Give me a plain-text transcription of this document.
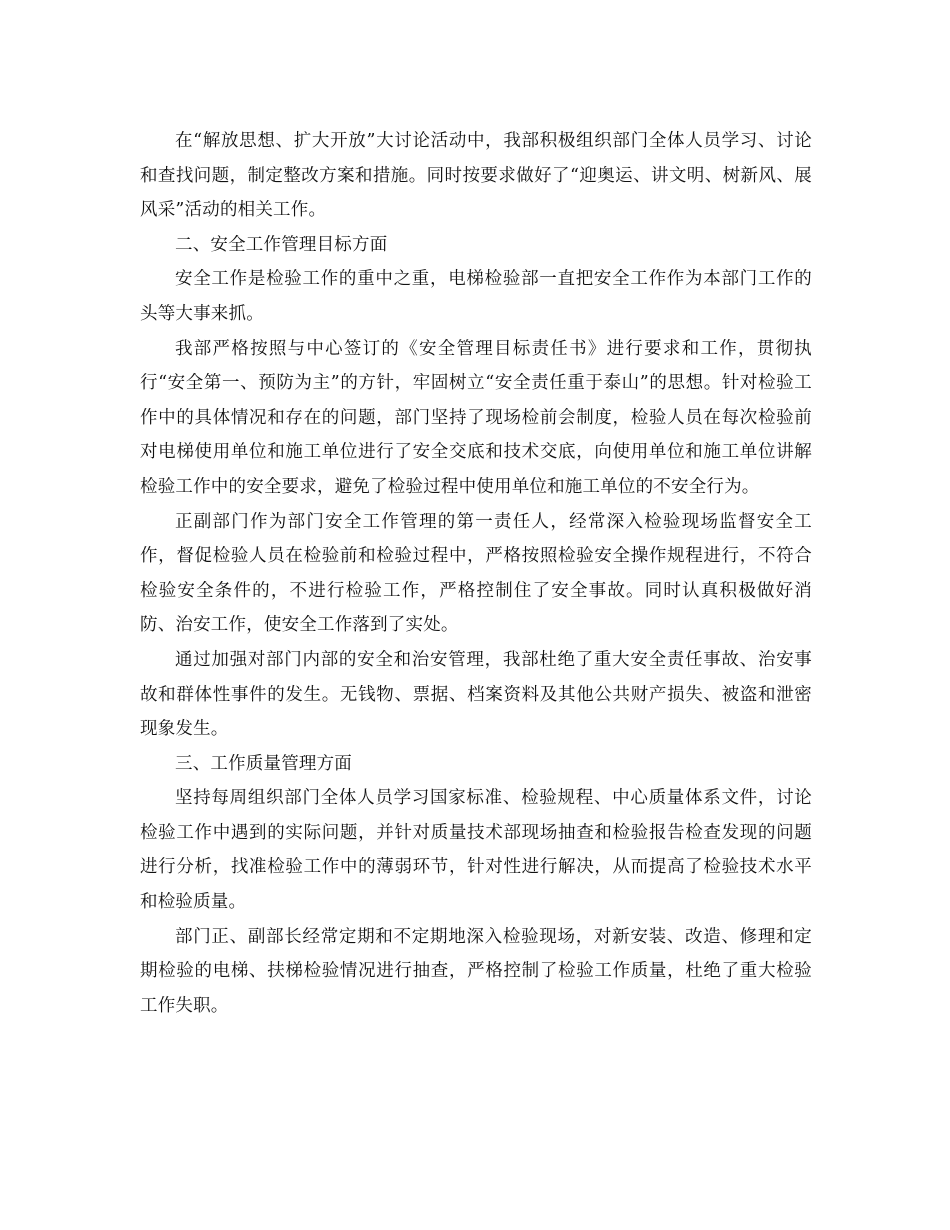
在“解放思想、扩大开放”大讨论活动中，我部积极组织部门全体人员学习、讨论和查找问题，制定整改方案和措施。同时按要求做好了“迎奥运、讲文明、树新风、展风采”活动的相关工作。

二、安全工作管理目标方面

安全工作是检验工作的重中之重，电梯检验部一直把安全工作作为本部门工作的头等大事来抓。

我部严格按照与中心签订的《安全管理目标责任书》进行要求和工作，贯彻执行“安全第一、预防为主”的方针，牢固树立“安全责任重于泰山”的思想。针对检验工作中的具体情况和存在的问题，部门坚持了现场检前会制度，检验人员在每次检验前对电梯使用单位和施工单位进行了安全交底和技术交底，向使用单位和施工单位讲解检验工作中的安全要求，避免了检验过程中使用单位和施工单位的不安全行为。

正副部门作为部门安全工作管理的第一责任人，经常深入检验现场监督安全工作，督促检验人员在检验前和检验过程中，严格按照检验安全操作规程进行，不符合检验安全条件的，不进行检验工作，严格控制住了安全事故。同时认真积极做好消防、治安工作，使安全工作落到了实处。

通过加强对部门内部的安全和治安管理，我部杜绝了重大安全责任事故、治安事故和群体性事件的发生。无钱物、票据、档案资料及其他公共财产损失、被盗和泄密现象发生。

三、工作质量管理方面

坚持每周组织部门全体人员学习国家标准、检验规程、中心质量体系文件，讨论检验工作中遇到的实际问题，并针对质量技术部现场抽查和检验报告检查发现的问题进行分析，找准检验工作中的薄弱环节，针对性进行解决，从而提高了检验技术水平和检验质量。

部门正、副部长经常定期和不定期地深入检验现场，对新安装、改造、修理和定期检验的电梯、扶梯检验情况进行抽查，严格控制了检验工作质量，杜绝了重大检验工作失职。
